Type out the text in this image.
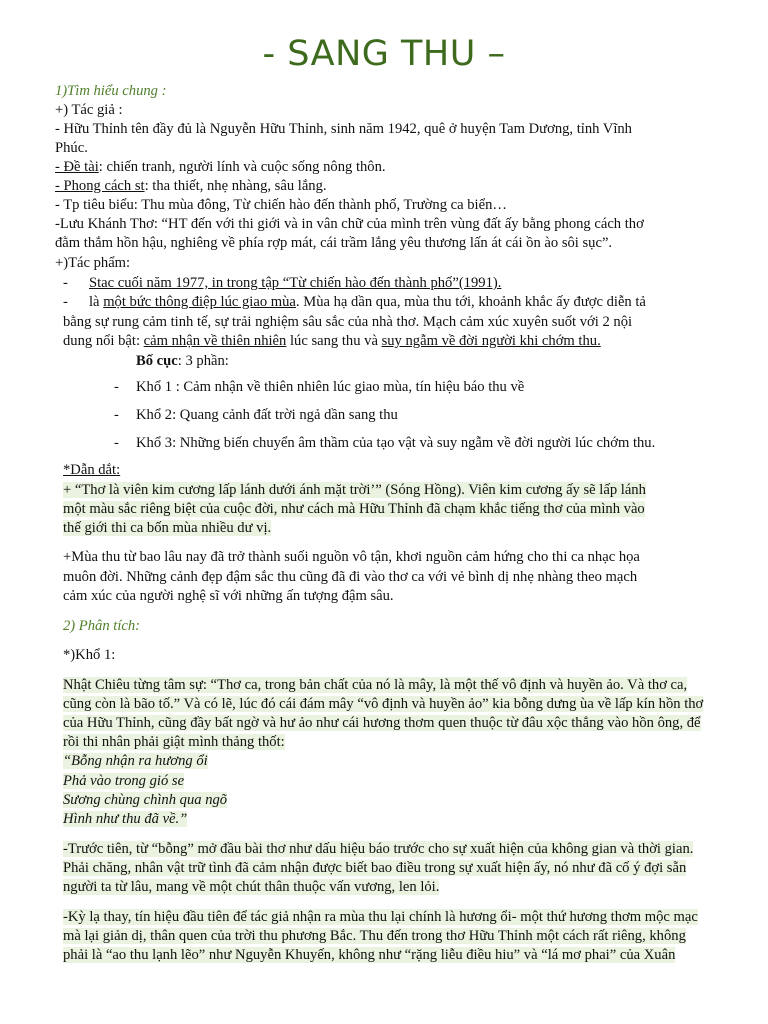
- SANG THU –
1)Tìm hiểu chung :
+) Tác giả :
- Hữu Thỉnh tên đầy đủ là Nguyễn Hữu Thỉnh, sinh năm 1942, quê ở huyện Tam Dương, tỉnh Vĩnh
Phúc.
- Đề tài: chiến tranh, người lính và cuộc sống nông thôn.
- Phong cách st: tha thiết, nhẹ nhàng, sâu lắng.
- Tp tiêu biểu: Thu mùa đông, Từ chiến hào đến thành phố, Trường ca biển…
-Lưu Khánh Thơ: “HT đến với thi giới và in vân chữ của mình trên vùng đất ấy bằng phong cách thơ
đằm thắm hồn hậu, nghiêng về phía rợp mát, cái trầm lắng yêu thương lấn át cái ồn ào sôi sục”.
+)Tác phẩm:
- Stac cuối năm 1977, in trong tập “Từ chiến hào đến thành phố”(1991).
- là một bức thông điệp lúc giao mùa. Mùa hạ dần qua, mùa thu tới, khoảnh khắc ấy được diễn tả
bằng sự rung cảm tinh tế, sự trải nghiệm sâu sắc của nhà thơ. Mạch cảm xúc xuyên suốt với 2 nội
dung nổi bật: cảm nhận về thiên nhiên lúc sang thu và suy ngẫm về đời người khi chớm thu.
Bố cục: 3 phần:
- Khổ 1 : Cảm nhận về thiên nhiên lúc giao mùa, tín hiệu báo thu về
- Khổ 2: Quang cảnh đất trời ngả dần sang thu
- Khổ 3: Những biến chuyển âm thầm của tạo vật và suy ngẫm về đời người lúc chớm thu.
*Dẫn dắt:
+ “Thơ là viên kim cương lấp lánh dưới ánh mặt trời’” (Sóng Hồng). Viên kim cương ấy sẽ lấp lánh
một màu sắc riêng biệt của cuộc đời, như cách mà Hữu Thỉnh đã chạm khắc tiếng thơ của mình vào
thế giới thi ca bốn mùa nhiều dư vị.
+Mùa thu từ bao lâu nay đã trở thành suối nguồn vô tận, khơi nguồn cảm hứng cho thi ca nhạc họa
muôn đời. Những cảnh đẹp đậm sắc thu cũng đã đi vào thơ ca với vẻ bình dị nhẹ nhàng theo mạch
cảm xúc của người nghệ sĩ với những ấn tượng đậm sâu.
2) Phân tích:
*)Khổ 1:
Nhật Chiêu từng tâm sự: “Thơ ca, trong bản chất của nó là mây, là một thế vô định và huyền ảo. Và thơ ca,
cũng còn là bão tố.” Và có lẽ, lúc đó cái đám mây “vô định và huyền ảo” kia bỗng dưng ùa về lấp kín hồn thơ
của Hữu Thỉnh, cũng đầy bất ngờ và hư ảo như cái hương thơm quen thuộc từ đâu xộc thẳng vào hồn ông, để
rồi thi nhân phải giật mình thảng thốt:
“Bỗng nhận ra hương ổi
Phả vào trong gió se
Sương chùng chình qua ngõ
Hình như thu đã về.”
-Trước tiên, từ “bỗng” mở đầu bài thơ như dấu hiệu báo trước cho sự xuất hiện của không gian và thời gian.
Phải chăng, nhân vật trữ tình đã cảm nhận được biết bao điều trong sự xuất hiện ấy, nó như đã cố ý đợi sẵn
người ta từ lâu, mang về một chút thân thuộc vấn vương, len lỏi.
-Kỳ lạ thay, tín hiệu đầu tiên để tác giả nhận ra mùa thu lại chính là hương ổi- một thứ hương thơm mộc mạc
mà lại giản dị, thân quen của trời thu phương Bắc. Thu đến trong thơ Hữu Thỉnh một cách rất riêng, không
phải là “ao thu lạnh lẽo” như Nguyễn Khuyến, không như “rặng liễu điều hiu” và “lá mơ phai” của Xuân
